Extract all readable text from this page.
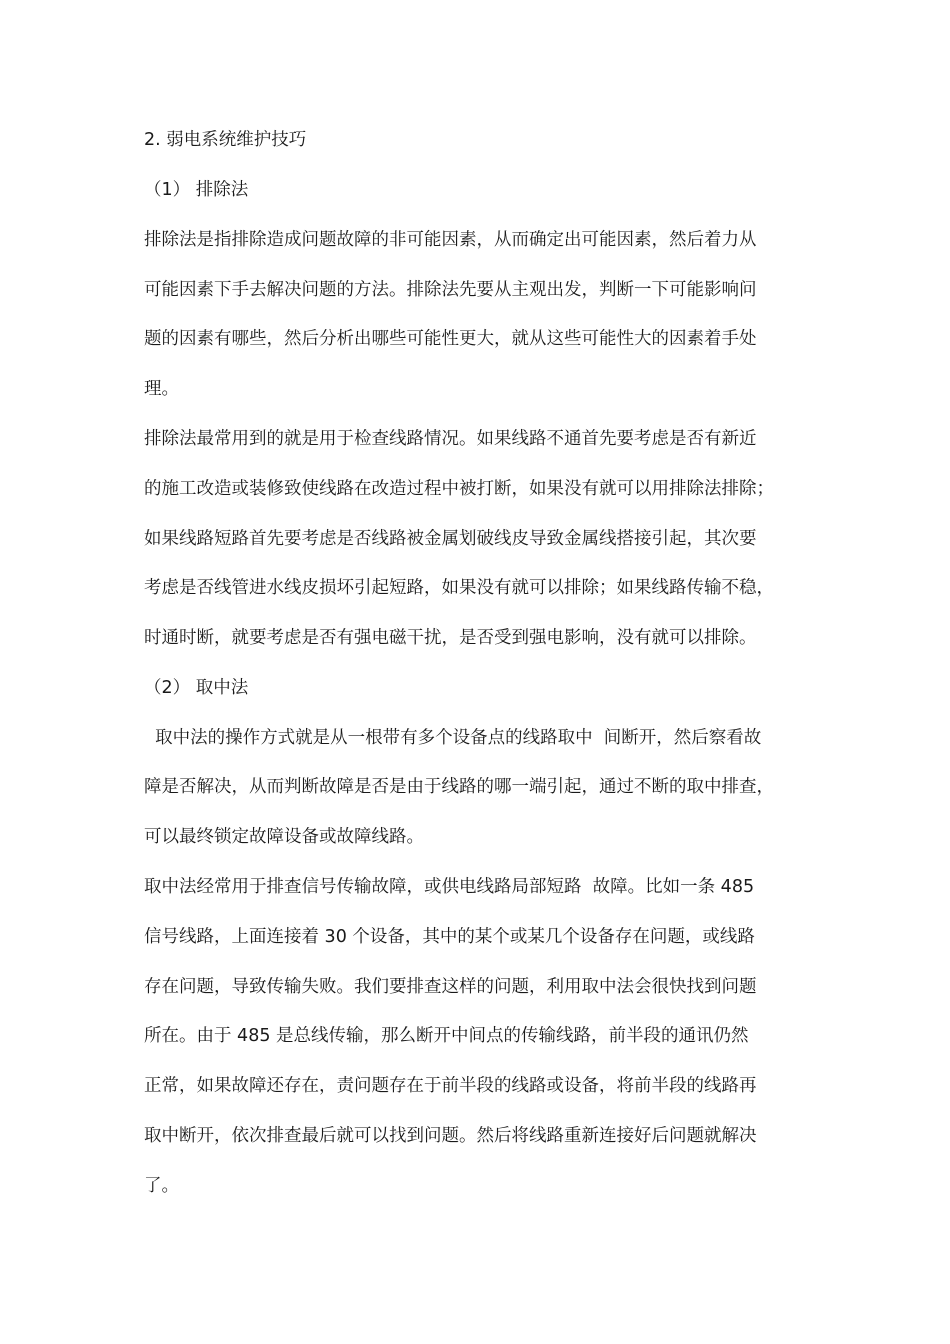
2. 弱电系统维护技巧
（1） 排除法
排除法是指排除造成问题故障的非可能因素，从而确定出可能因素，然后着力从
可能因素下手去解决问题的方法。排除法先要从主观出发，判断一下可能影响问
题的因素有哪些，然后分析出哪些可能性更大，就从这些可能性大的因素着手处
理。
排除法最常用到的就是用于检查线路情况。如果线路不通首先要考虑是否有新近
的施工改造或装修致使线路在改造过程中被打断，如果没有就可以用排除法排除；
如果线路短路首先要考虑是否线路被金属划破线皮导致金属线搭接引起，其次要
考虑是否线管进水线皮损坏引起短路，如果没有就可以排除；如果线路传输不稳，
时通时断，就要考虑是否有强电磁干扰，是否受到强电影响，没有就可以排除。
（2） 取中法
取中法的操作方式就是从一根带有多个设备点的线路取中  间断开，然后察看故
障是否解决，从而判断故障是否是由于线路的哪一端引起，通过不断的取中排查，
可以最终锁定故障设备或故障线路。
取中法经常用于排查信号传输故障，或供电线路局部短路  故障。比如一条 485
信号线路，上面连接着 30 个设备，其中的某个或某几个设备存在问题，或线路
存在问题，导致传输失败。我们要排查这样的问题，利用取中法会很快找到问题
所在。由于 485 是总线传输，那么断开中间点的传输线路，前半段的通讯仍然
正常，如果故障还存在，责问题存在于前半段的线路或设备，将前半段的线路再
取中断开，依次排查最后就可以找到问题。然后将线路重新连接好后问题就解决
了。
